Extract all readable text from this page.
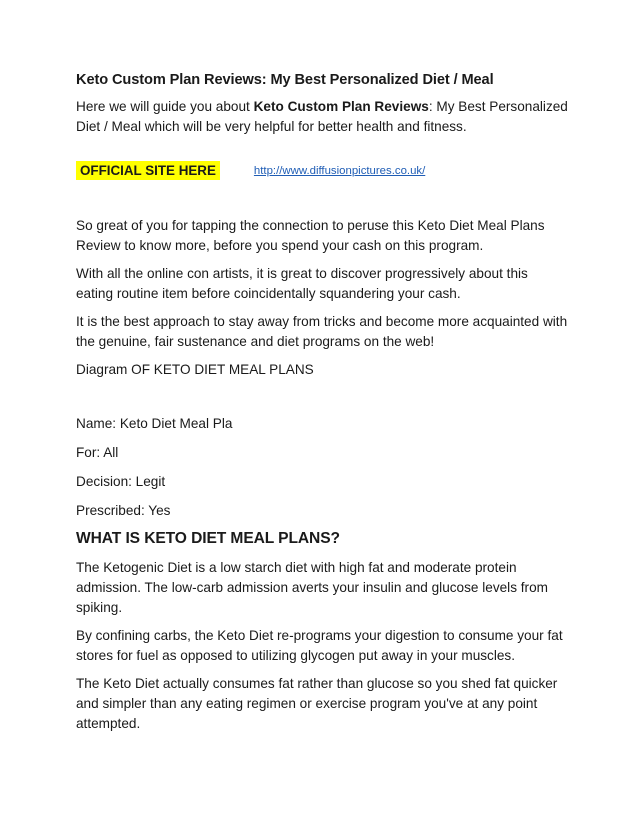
Keto Custom Plan Reviews: My Best Personalized Diet / Meal

Here we will guide you about Keto Custom Plan Reviews: My Best Personalized Diet / Meal which will be very helpful for better health and fitness.

OFFICIAL SITE HERE	http://www.diffusionpictures.co.uk/

So great of you for tapping the connection to peruse this Keto Diet Meal Plans Review to know more, before you spend your cash on this program.

With all the online con artists, it is great to discover progressively about this eating routine item before coincidentally squandering your cash.

It is the best approach to stay away from tricks and become more acquainted with the genuine, fair sustenance and diet programs on the web!

Diagram OF KETO DIET MEAL PLANS

Name: Keto Diet Meal Pla

For: All

Decision: Legit

Prescribed: Yes

WHAT IS KETO DIET MEAL PLANS?

The Ketogenic Diet is a low starch diet with high fat and moderate protein admission. The low-carb admission averts your insulin and glucose levels from spiking.

By confining carbs, the Keto Diet re-programs your digestion to consume your fat stores for fuel as opposed to utilizing glycogen put away in your muscles.

The Keto Diet actually consumes fat rather than glucose so you shed fat quicker and simpler than any eating regimen or exercise program you've at any point attempted.
